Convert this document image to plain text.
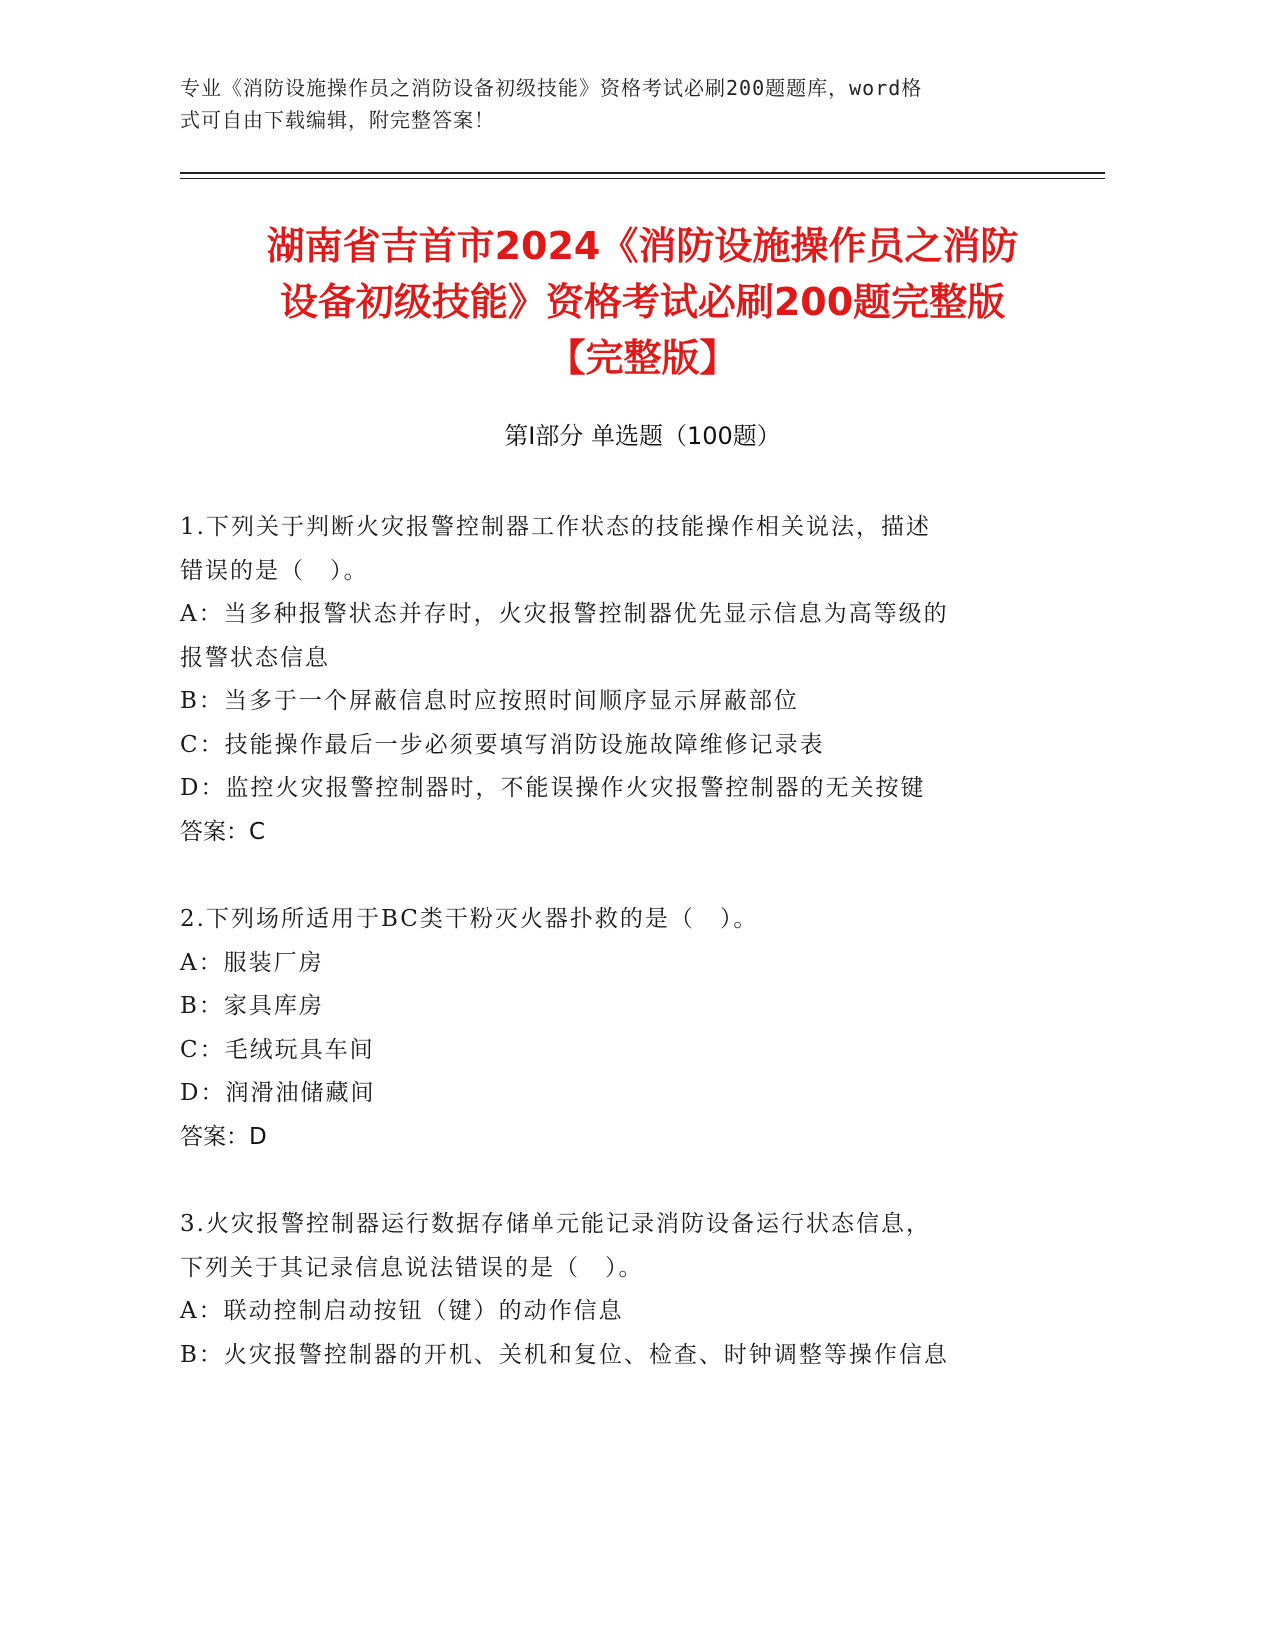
专业《消防设施操作员之消防设备初级技能》资格考试必刷200题题库，word格
式可自由下载编辑，附完整答案！
湖南省吉首市2024《消防设施操作员之消防
设备初级技能》资格考试必刷200题完整版
【完整版】
第Ⅰ部分 单选题（100题）

1.下列关于判断火灾报警控制器工作状态的技能操作相关说法，描述

错误的是（　）。

A：当多种报警状态并存时，火灾报警控制器优先显示信息为高等级的

报警状态信息

B：当多于一个屏蔽信息时应按照时间顺序显示屏蔽部位

C：技能操作最后一步必须要填写消防设施故障维修记录表

D：监控火灾报警控制器时，不能误操作火灾报警控制器的无关按键

答案：C

2.下列场所适用于BC类干粉灭火器扑救的是（　）。

A：服装厂房

B：家具库房

C：毛绒玩具车间

D：润滑油储藏间

答案：D

3.火灾报警控制器运行数据存储单元能记录消防设备运行状态信息，

下列关于其记录信息说法错误的是（　）。

A：联动控制启动按钮（键）的动作信息

B：火灾报警控制器的开机、关机和复位、检查、时钟调整等操作信息
